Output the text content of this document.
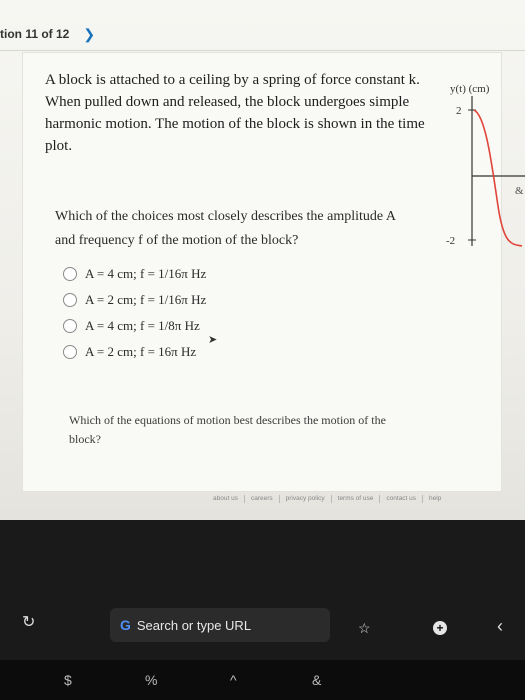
tion 11 of 12 ❯
A block is attached to a ceiling by a spring of force constant k. When pulled down and released, the block undergoes simple harmonic motion. The motion of the block is shown in the time plot.
Which of the choices most closely describes the amplitude A and frequency f of the motion of the block?
A = 4 cm; f = 1/16π Hz
A = 2 cm; f = 1/16π Hz
A = 4 cm; f = 1/8π Hz
A = 2 cm; f = 16π Hz
Which of the equations of motion best describes the motion of the block?
about us careers privacy policy terms of use contact us help
y(t) (cm)
2
-2
&
➤
↻	G Search or type URL	☆	+	‹
$	%	^	&
